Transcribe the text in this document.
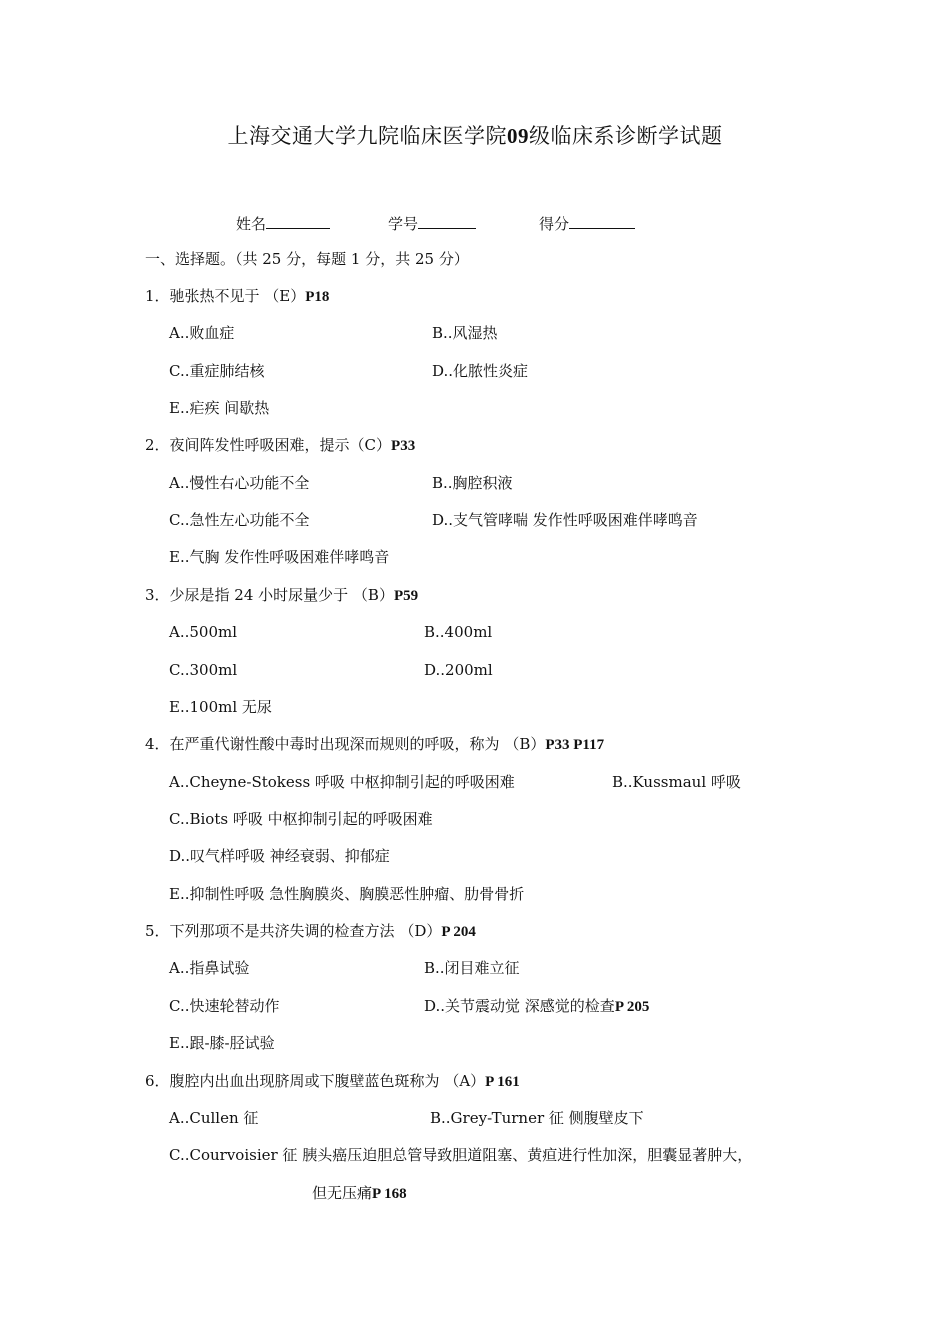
上海交通大学九院临床医学院09级临床系诊断学试题
姓名	学号	得分
一、选择题。（共 25 分，每题 1 分，共 25 分）
1．驰张热不见于 （E）P18
A..败血症	B..风湿热
C..重症肺结核	D..化脓性炎症
E..疟疾 间歇热
2．夜间阵发性呼吸困难，提示（C）P33
A..慢性右心功能不全	B..胸腔积液
C..急性左心功能不全	D..支气管哮喘 发作性呼吸困难伴哮鸣音
E..气胸 发作性呼吸困难伴哮鸣音
3．少尿是指 24 小时尿量少于 （B）P59
A..500ml	B..400ml
C..300ml	D..200ml
E..100ml 无尿
4．在严重代谢性酸中毒时出现深而规则的呼吸，称为 （B）P33 P117
A..Cheyne-Stokess 呼吸 中枢抑制引起的呼吸困难	B..Kussmaul 呼吸
C..Biots 呼吸 中枢抑制引起的呼吸困难
D..叹气样呼吸 神经衰弱、抑郁症
E..抑制性呼吸 急性胸膜炎、胸膜恶性肿瘤、肋骨骨折
5．下列那项不是共济失调的检查方法 （D）P 204
A..指鼻试验	B..闭目难立征
C..快速轮替动作	D..关节震动觉 深感觉的检查P 205
E..跟-膝-胫试验
6．腹腔内出血出现脐周或下腹壁蓝色斑称为 （A）P 161
A..Cullen 征	B..Grey-Turner 征 侧腹壁皮下
C..Courvoisier 征 胰头癌压迫胆总管导致胆道阻塞、黄疸进行性加深，胆囊显著肿大，
但无压痛P 168
